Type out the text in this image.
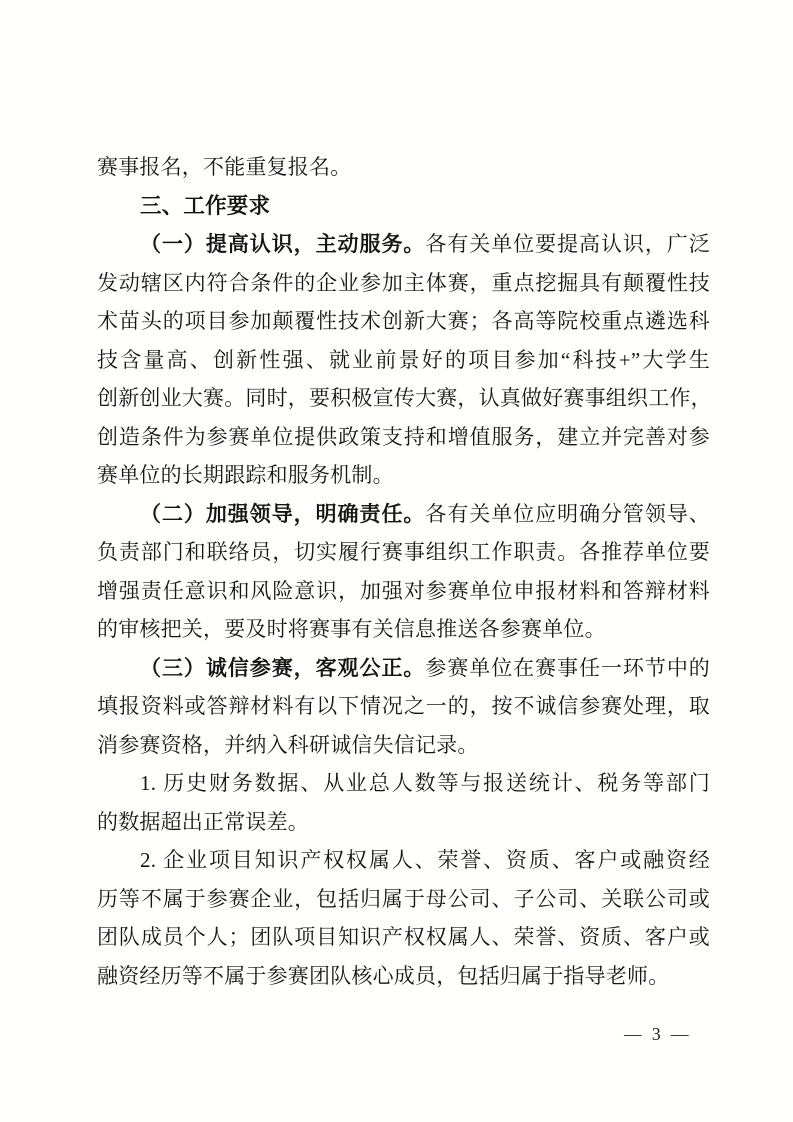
赛事报名，不能重复报名。
三、工作要求
（一）提高认识，主动服务。各有关单位要提高认识，广泛
发动辖区内符合条件的企业参加主体赛，重点挖掘具有颠覆性技
术苗头的项目参加颠覆性技术创新大赛；各高等院校重点遴选科
技含量高、创新性强、就业前景好的项目参加“科技+”大学生
创新创业大赛。同时，要积极宣传大赛，认真做好赛事组织工作，
创造条件为参赛单位提供政策支持和增值服务，建立并完善对参
赛单位的长期跟踪和服务机制。
（二）加强领导，明确责任。各有关单位应明确分管领导、
负责部门和联络员，切实履行赛事组织工作职责。各推荐单位要
增强责任意识和风险意识，加强对参赛单位申报材料和答辩材料
的审核把关，要及时将赛事有关信息推送各参赛单位。
（三）诚信参赛，客观公正。参赛单位在赛事任一环节中的
填报资料或答辩材料有以下情况之一的，按不诚信参赛处理，取
消参赛资格，并纳入科研诚信失信记录。
1. 历史财务数据、从业总人数等与报送统计、税务等部门
的数据超出正常误差。
2. 企业项目知识产权权属人、荣誉、资质、客户或融资经
历等不属于参赛企业，包括归属于母公司、子公司、关联公司或
团队成员个人；团队项目知识产权权属人、荣誉、资质、客户或
融资经历等不属于参赛团队核心成员，包括归属于指导老师。
— 3 —
